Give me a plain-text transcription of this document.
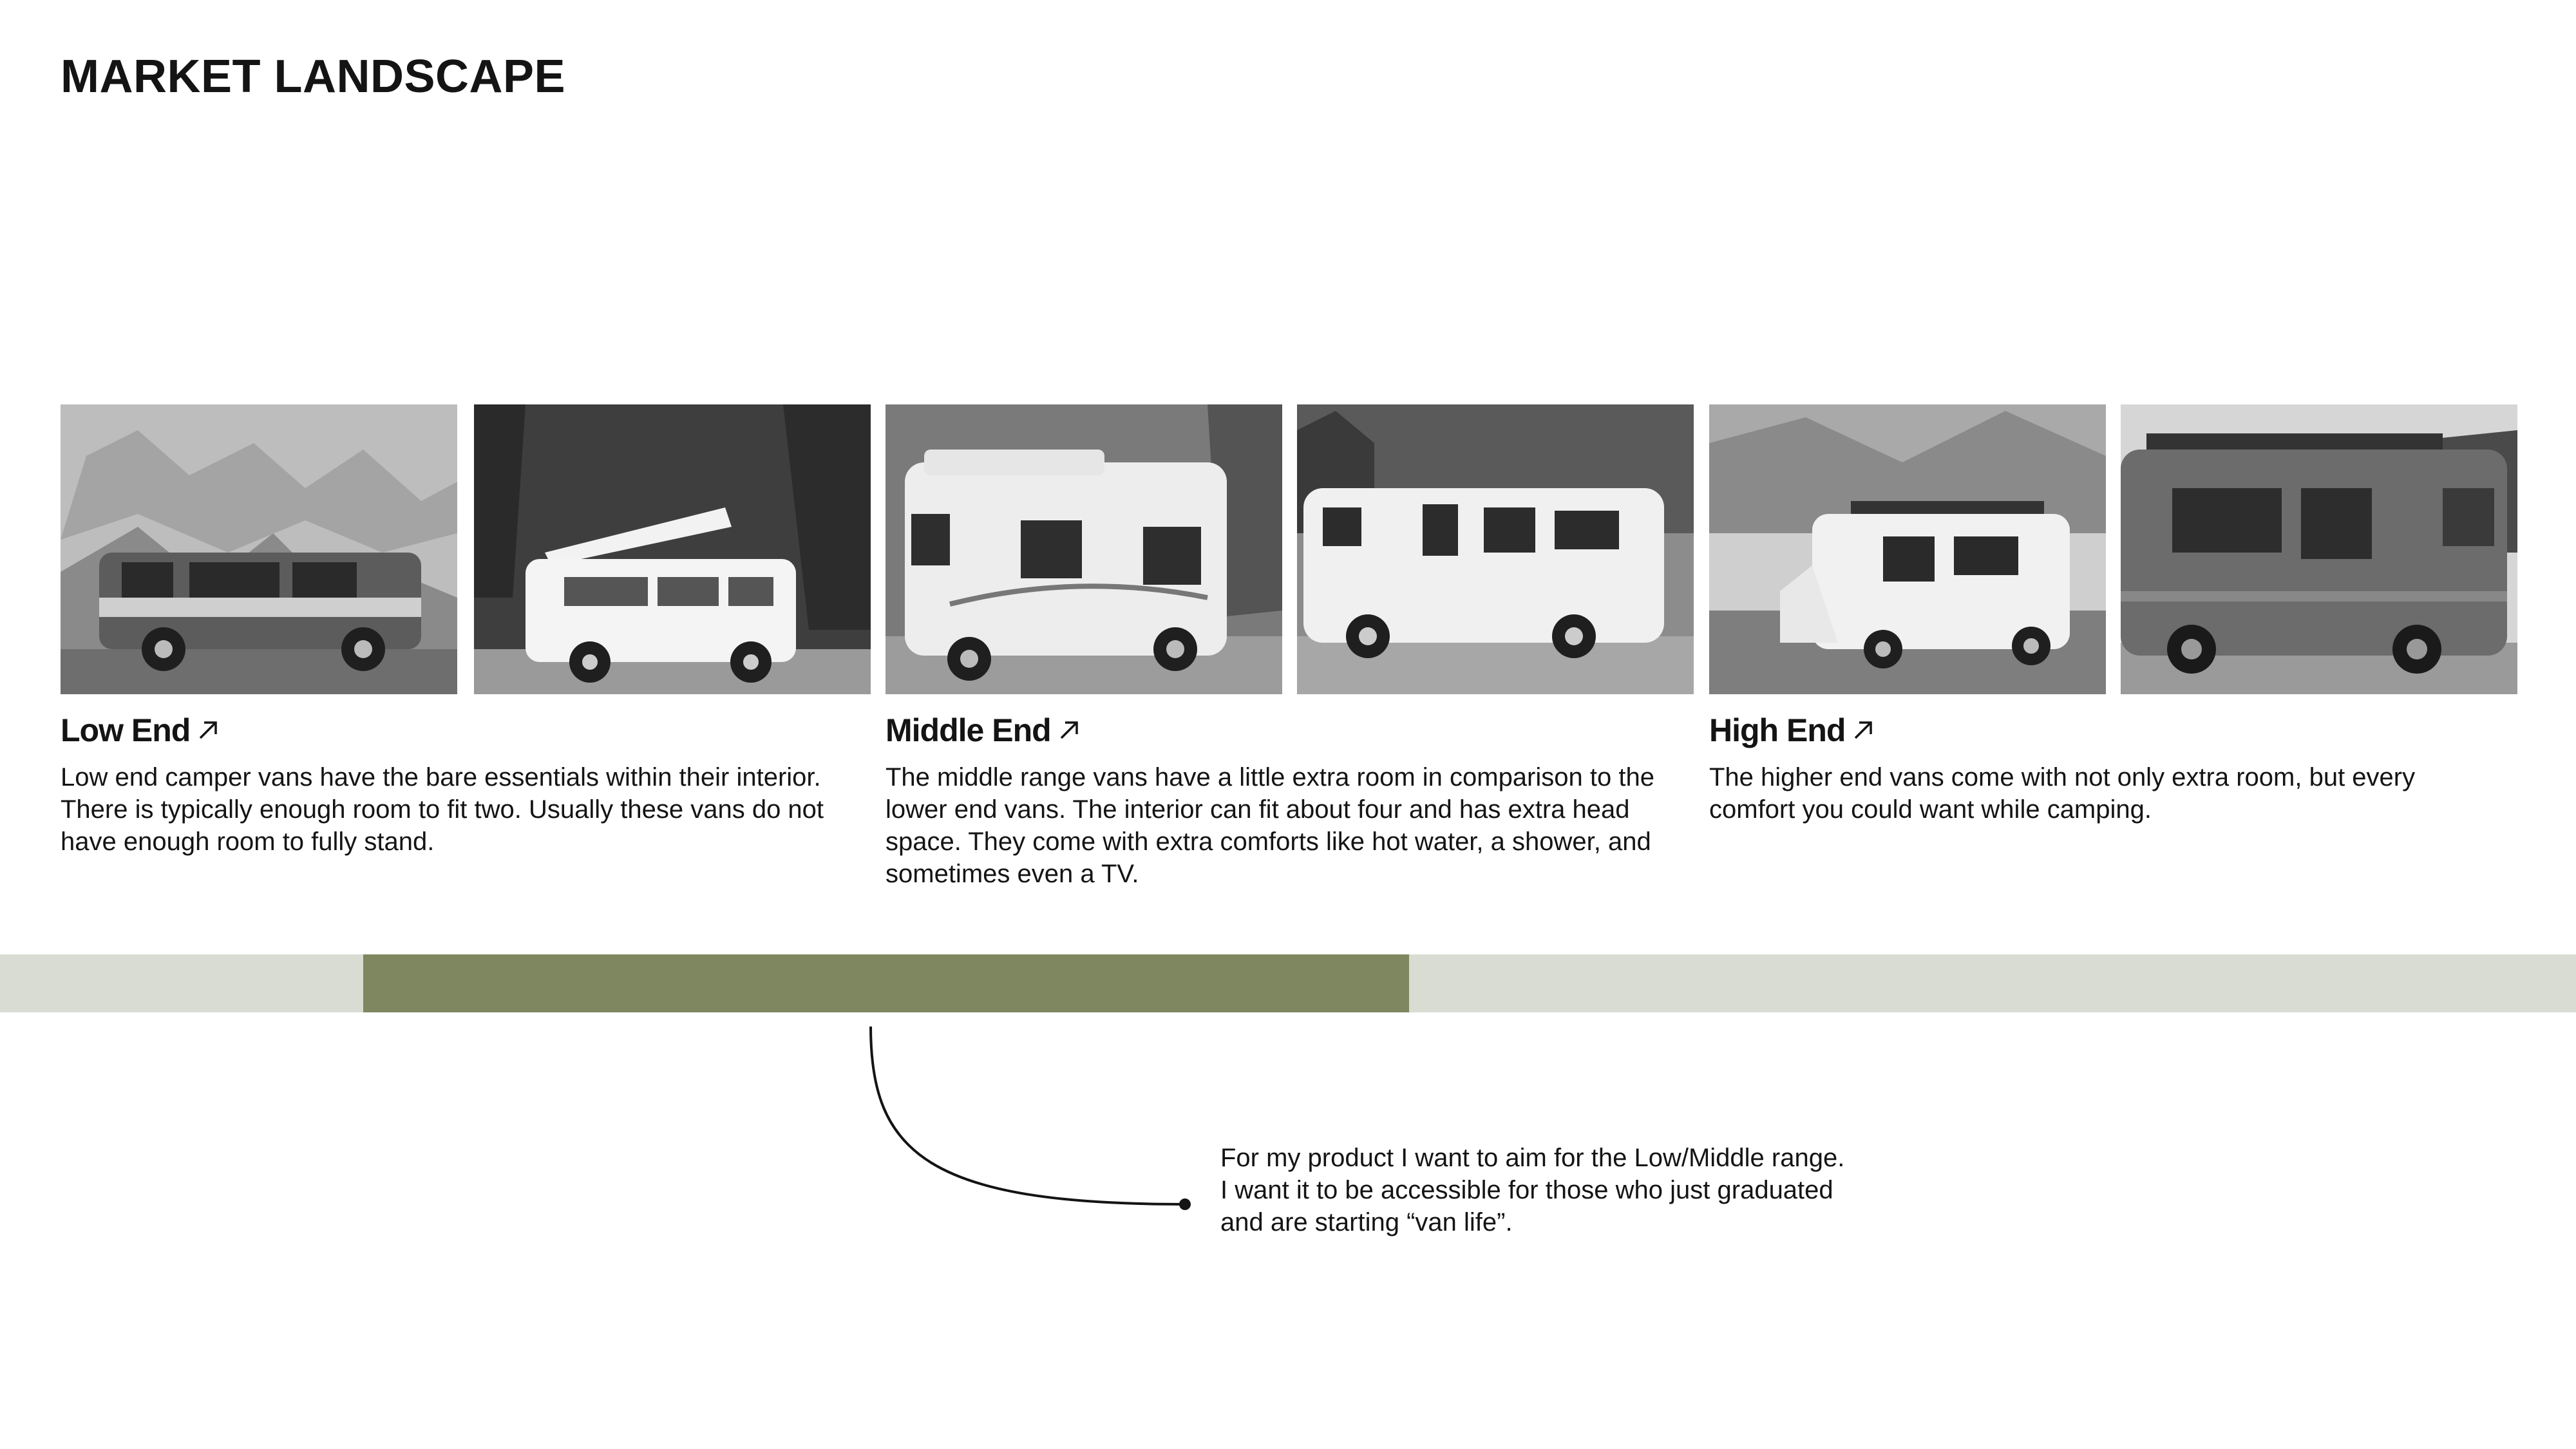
MARKET LANDSCAPE
Low End	Middle End	High End
Low end camper vans have the bare essentials within their interior. There is typically enough room to fit two. Usually these vans do not have enough room to fully stand.
The middle range vans have a little extra room in comparison to the lower end vans. The interior can fit about four and has extra head space. They come with extra comforts like hot water, a shower, and sometimes even a TV.
The higher end vans come with not only extra room, but every comfort you could want while camping.

For my product I want to aim for the Low/Middle range.

I want it to be accessible for those who just graduated

and are starting “van life”.
